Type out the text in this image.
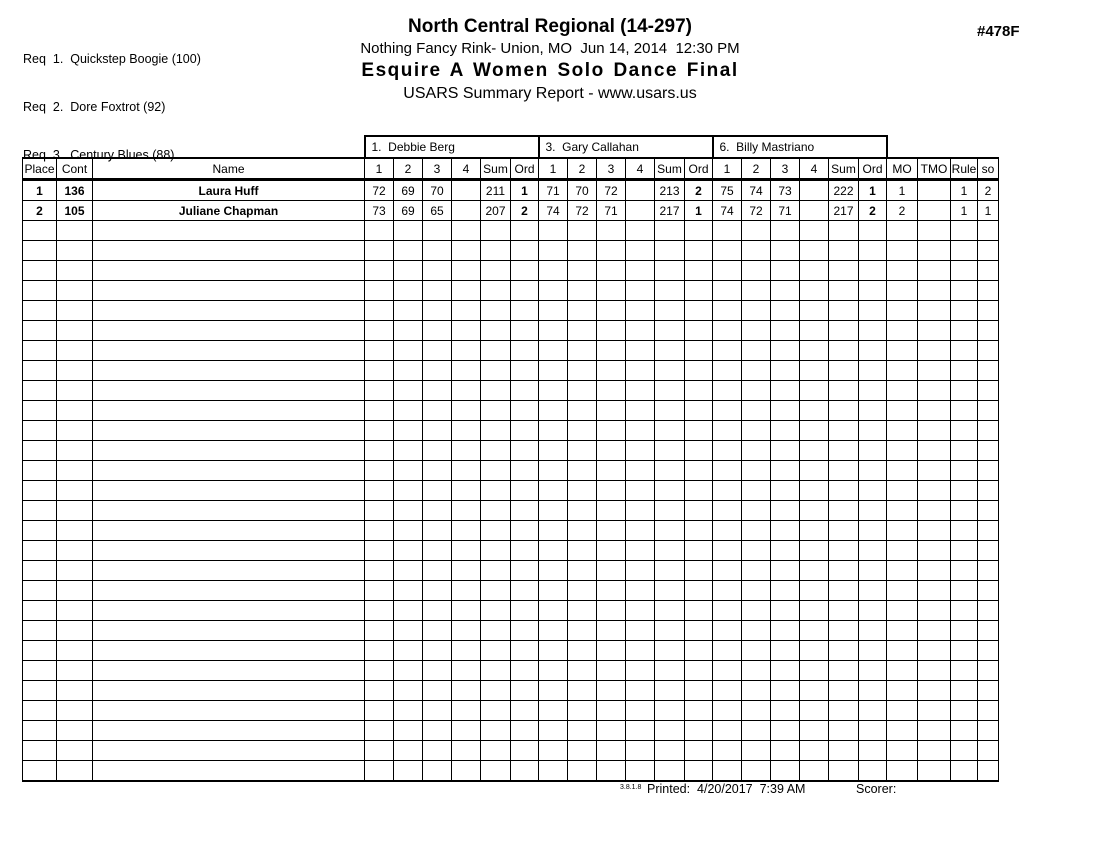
Req  1.  Quickstep Boogie (100)

Req  2.  Dore Foxtrot (92)

Req  3.  Century Blues (88)

North Central Regional (14-297)
Nothing Fancy Rink- Union, MO  Jun 14, 2014  12:30 PM
Esquire A Women Solo Dance Final
USARS Summary Report - www.usars.us
#478F
			1.  Debbie Berg						3.  Gary Callahan						6.  Billy Mastriano									
Place	Cont	Name	1	2	3	4	Sum	Ord	1	2	3	4	Sum	Ord	1	2	3	4	Sum	Ord	MO	TMO	Rule	so
1	136	Laura Huff	72	69	70		211	1	71	70	72		213	2	75	74	73		222	1	1		1	2
2	105	Juliane Chapman	73	69	65		207	2	74	72	71		217	1	74	72	71		217	2	2		1	1

3.8.1.8 Printed:  4/20/2017  7:39 AM	Scorer:
